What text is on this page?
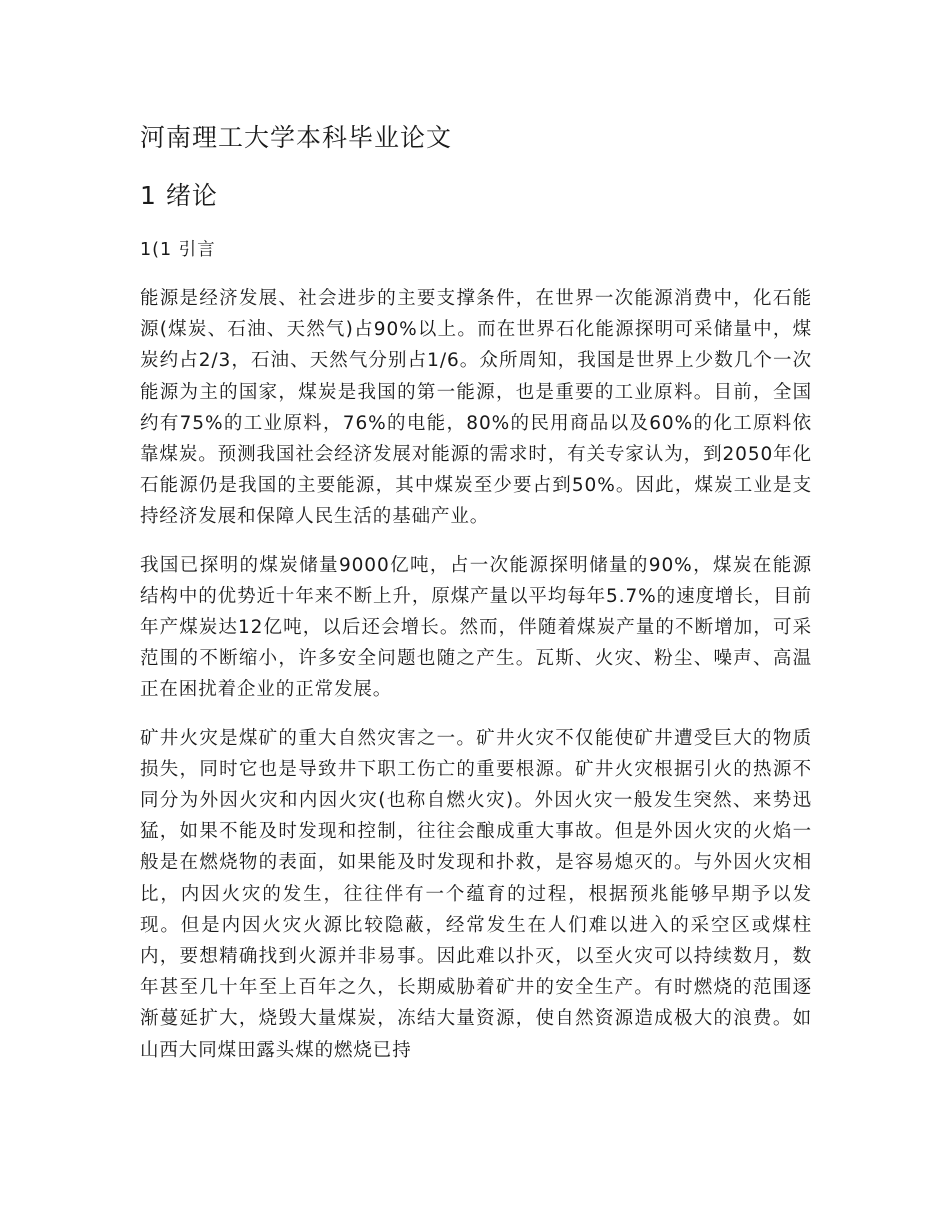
河南理工大学本科毕业论文
1 绪论
1(1 引言

能源是经济发展、社会进步的主要支撑条件，在世界一次能源消费中，化石能源(煤炭、石油、天然气)占90%以上。而在世界石化能源探明可采储量中，煤炭约占2/3，石油、天然气分别占1/6。众所周知，我国是世界上少数几个一次能源为主的国家，煤炭是我国的第一能源，也是重要的工业原料。目前，全国约有75%的工业原料，76%的电能，80%的民用商品以及60%的化工原料依靠煤炭。预测我国社会经济发展对能源的需求时，有关专家认为，到2050年化石能源仍是我国的主要能源，其中煤炭至少要占到50%。因此，煤炭工业是支持经济发展和保障人民生活的基础产业。

我国已探明的煤炭储量9000亿吨，占一次能源探明储量的90%，煤炭在能源结构中的优势近十年来不断上升，原煤产量以平均每年5.7%的速度增长，目前年产煤炭达12亿吨，以后还会增长。然而，伴随着煤炭产量的不断增加，可采范围的不断缩小，许多安全问题也随之产生。瓦斯、火灾、粉尘、噪声、高温正在困扰着企业的正常发展。

矿井火灾是煤矿的重大自然灾害之一。矿井火灾不仅能使矿井遭受巨大的物质损失，同时它也是导致井下职工伤亡的重要根源。矿井火灾根据引火的热源不同分为外因火灾和内因火灾(也称自燃火灾)。外因火灾一般发生突然、来势迅猛，如果不能及时发现和控制，往往会酿成重大事故。但是外因火灾的火焰一般是在燃烧物的表面，如果能及时发现和扑救，是容易熄灭的。与外因火灾相比，内因火灾的发生，往往伴有一个蕴育的过程，根据预兆能够早期予以发现。但是内因火灾火源比较隐蔽，经常发生在人们难以进入的采空区或煤柱内，要想精确找到火源并非易事。因此难以扑灭，以至火灾可以持续数月，数年甚至几十年至上百年之久，长期威胁着矿井的安全生产。有时燃烧的范围逐渐蔓延扩大，烧毁大量煤炭，冻结大量资源，使自然资源造成极大的浪费。如山西大同煤田露头煤的燃烧已持
